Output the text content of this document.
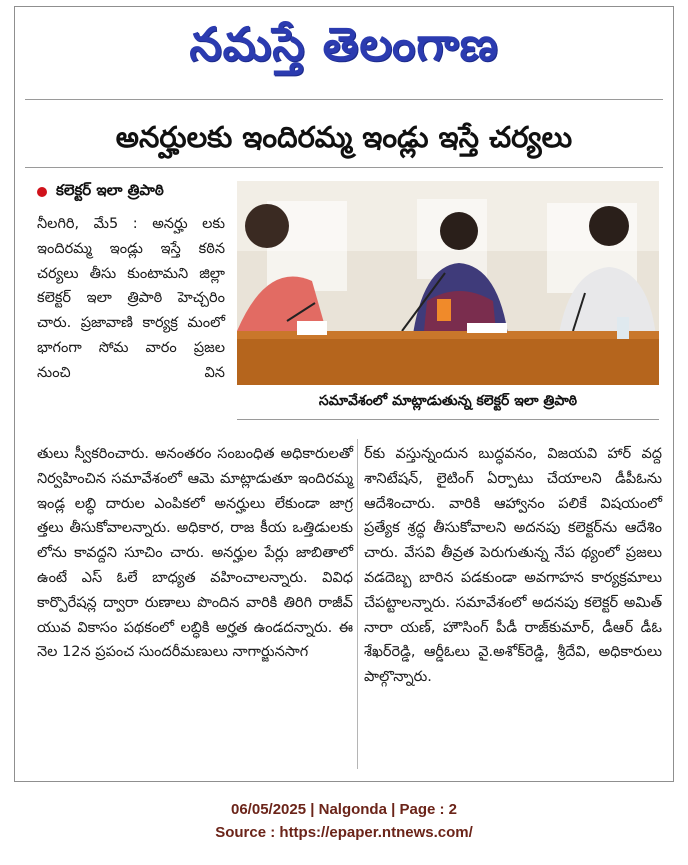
నమస్తే తెలంగాణ
అనర్హులకు ఇందిరమ్మ ఇండ్లు ఇస్తే చర్యలు
కలెక్టర్ ఇలా త్రిపాఠి
నీలగిరి, మే5 : అనర్హు లకు ఇందిరమ్మ ఇండ్లు ఇస్తే కఠిన చర్యలు తీసు కుంటామని జిల్లా కలెక్టర్ ఇలా త్రిపాఠి హెచ్చరిం చారు. ప్రజావాణి కార్యక్ర మంలో భాగంగా సోమ వారం ప్రజల నుంచి విన
సమావేశంలో మాట్లాడుతున్న కలెక్టర్ ఇలా త్రిపాఠి
తులు స్వీకరించారు. అనంతరం సంబంధిత అధికారులతో నిర్వహించిన సమావేశంలో ఆమె మాట్లాడుతూ ఇందిరమ్మ ఇండ్ల లబ్ధి దారుల ఎంపికలో అనర్హులు లేకుండా జాగ్ర త్తలు తీసుకోవాలన్నారు. అధికార, రాజ కీయ ఒత్తిడులకు లోను కావద్దని సూచిం చారు. అనర్హుల పేర్లు జాబితాలో ఉంటే ఎస్ ఓలే బాధ్యత వహించాలన్నారు. వివిధ కార్పొరేషన్ల ద్వారా రుణాలు పొందిన వారికి తిరిగి రాజీవ్ యువ వికాసం పథకంలో లబ్ధికి అర్హత ఉండదన్నారు. ఈ నెల 12న ప్రపంచ సుందరీమణులు నాగార్జునసాగ
ర్‌కు వస్తున్నందున బుద్ధవనం, విజయవి హార్ వద్ద శానిటేషన్, లైటింగ్ ఏర్పాటు చేయాలని డీపీఓను ఆదేశించారు. వారికి ఆహ్వానం పలికే విషయంలో ప్రత్యేక శ్రద్ధ తీసుకోవాలని అదనపు కలెక్టర్‌ను ఆదేశిం చారు. వేసవి తీవ్రత పెరుగుతున్న నేప థ్యంలో ప్రజలు వడదెబ్బ బారిన పడకుండా అవగాహన కార్యక్రమాలు చేపట్టాలన్నారు. సమావేశంలో అదనపు కలెక్టర్ అమిత్ నారా యణ్, హౌసింగ్ పీడీ రాజ్‌కుమార్, డీఆర్ డీఓ శేఖర్‌రెడ్డి, ఆర్డీఓలు వై.అశోక్‌రెడ్డి, శ్రీదేవి, అధికారులు పాల్గొన్నారు.
06/05/2025 | Nalgonda | Page : 2
Source : https://epaper.ntnews.com/
